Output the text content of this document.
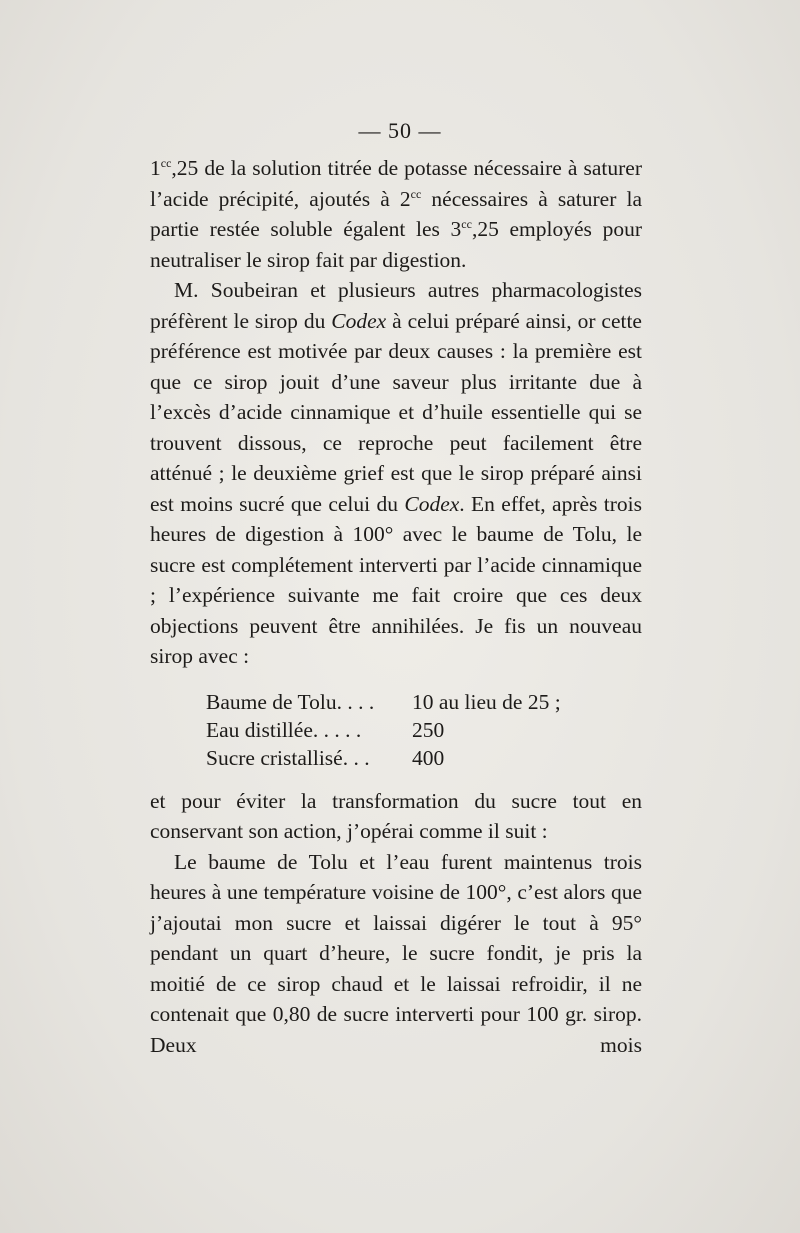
— 50 —

$1^{cc},25$ de la solution titrée de potasse nécessaire à saturer l’acide précipité, ajoutés à $2^{cc}$ nécessaires à saturer la partie restée soluble égalent les $3^{cc},25$ employés pour neutraliser le sirop fait par digestion.

M. Soubeiran et plusieurs autres pharmacologistes préfèrent le sirop du Codex à celui préparé ainsi, or cette préférence est motivée par deux causes : la première est que ce sirop jouit d’une saveur plus irritante due à l’excès d’acide cinnamique et d’huile essentielle qui se trouvent dissous, ce reproche peut facilement être atténué ; le deuxième grief est que le sirop préparé ainsi est moins sucré que celui du Codex. En effet, après trois heures de digestion à 100° avec le baume de Tolu, le sucre est complétement interverti par l’acide cinnamique ; l’expérience suivante me fait croire que ces deux objections peuvent être annihilées. Je fis un nouveau sirop avec :

Baume de Tolu. . . .	10 au lieu de 25 ;
Eau distillée. . . . .	250
Sucre cristallisé. . .	400

et pour éviter la transformation du sucre tout en conservant son action, j’opérai comme il suit :

Le baume de Tolu et l’eau furent maintenus trois heures à une température voisine de 100°, c’est alors que j’ajoutai mon sucre et laissai digérer le tout à 95° pendant un quart d’heure, le sucre fondit, je pris la moitié de ce sirop chaud et le laissai refroidir, il ne contenait que 0,80 de sucre interverti pour 100 gr. sirop. Deux mois
